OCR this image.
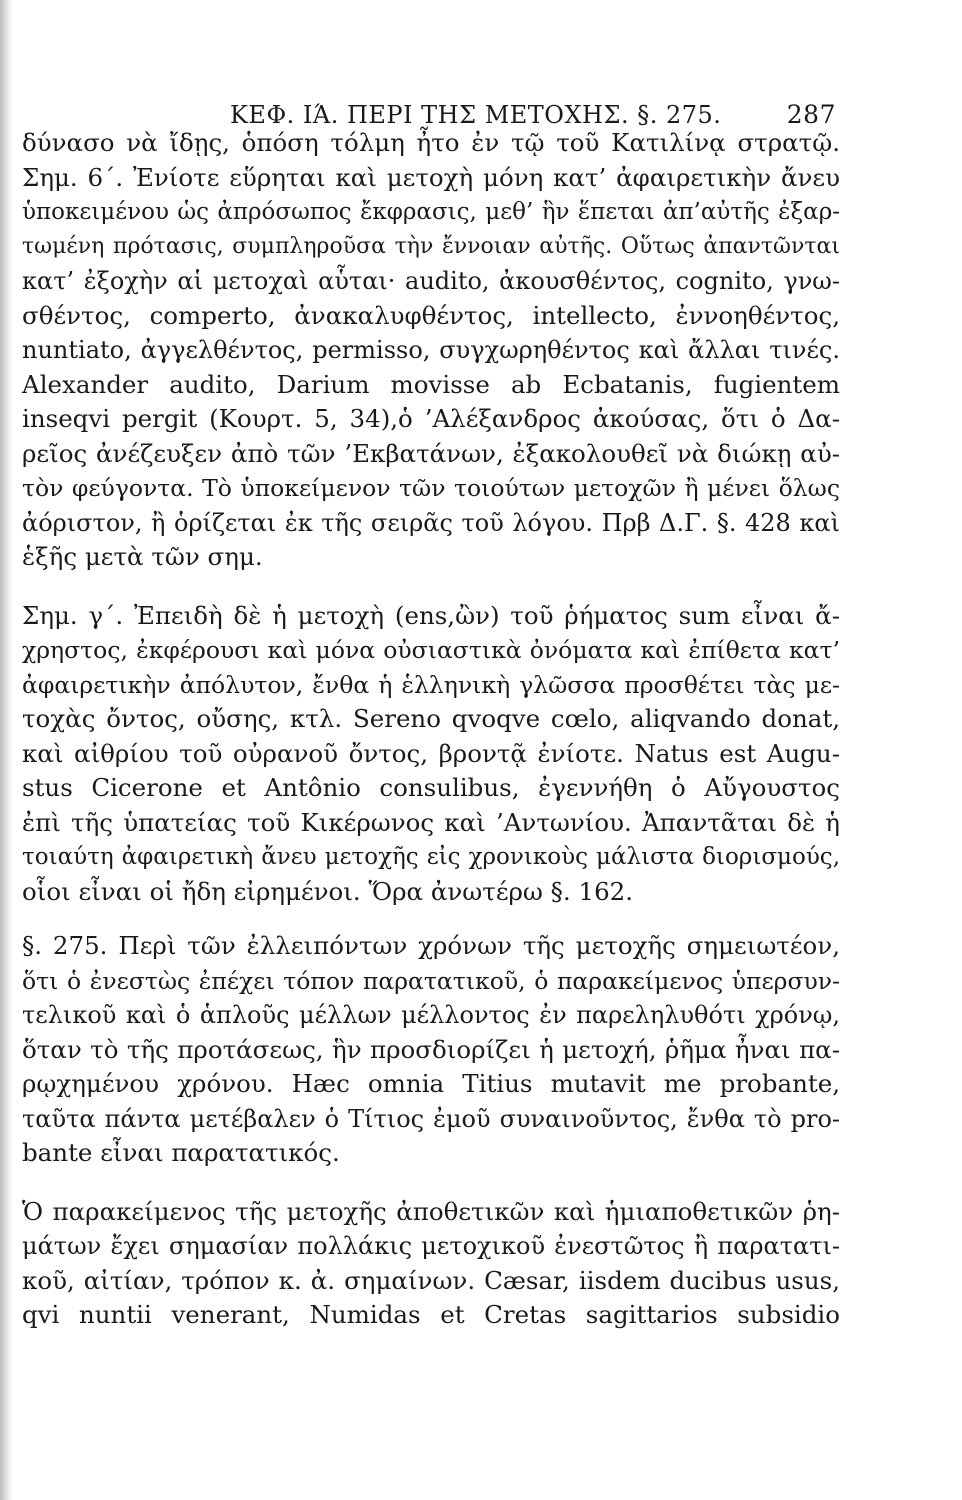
ΚΕΦ. ΙΆ. ΠΕΡΙ ΤΗΣ ΜΕΤΟΧΗΣ. §. 275.	287

δύνασο νὰ ἴδῃς, ὁπόση τόλμη ἦτο ἐν τῷ τοῦ Κατιλίνᾳ στρατῷ.
Σημ. 6΄. Ἐνίοτε εὕρηται καὶ μετοχὴ μόνη κατ’ ἀφαιρετικὴν ἄνευ
ὑποκειμένου ὡς ἀπρόσωπος ἔκφρασις, μεθ’ ἣν ἕπεται ἀπ’αὐτῆς ἐξαρ-
τωμένη πρότασις, συμπληροῦσα τὴν ἔννοιαν αὐτῆς. Οὕτως ἀπαντῶνται
κατ’ ἐξοχὴν αἱ μετοχαὶ αὗται· audito, ἀκουσθέντος, cognito, γνω-
σθέντος, comperto, ἀνακαλυφθέντος, intellecto, ἐννοηθέντος,
nuntiato, ἀγγελθέντος, permisso, συγχωρηθέντος καὶ ἄλλαι τινές.
Alexander audito, Darium movisse ab Ecbatanis, fugientem
inseqvi pergit (Κουρτ. 5, 34),ὁ ’Αλέξανδρος ἀκούσας, ὅτι ὁ Δα-
ρεῖος ἀνέζευξεν ἀπὸ τῶν ’Εκβατάνων, ἐξακολουθεῖ νὰ διώκῃ αὐ-
τὸν φεύγοντα. Τὸ ὑποκείμενον τῶν τοιούτων μετοχῶν ἢ μένει ὅλως
ἀόριστον, ἢ ὁρίζεται ἐκ τῆς σειρᾶς τοῦ λόγου. Πρβ Δ.Γ. §. 428 καὶ
ἑξῆς μετὰ τῶν σημ.

Σημ. γ΄. Ἐπειδὴ δὲ ἡ μετοχὴ (ens,ὢν) τοῦ ῥήματος sum εἶναι ἄ-
χρηστος, ἐκφέρουσι καὶ μόνα οὐσιαστικὰ ὀνόματα καὶ ἐπίθετα κατ’
ἀφαιρετικὴν ἀπόλυτον, ἔνθα ἡ ἑλληνικὴ γλῶσσα προσθέτει τὰς με-
τοχὰς ὄντος, οὔσης, κτλ. Sereno qvoqve cœlo, aliqvando donat,
καὶ αἰθρίου τοῦ οὐρανοῦ ὄντος, βροντᾷ ἐνίοτε. Natus est Augu-
stus Cicerone et Antônio consulibus, ἐγεννήθη ὁ Αὔγουστος
ἐπὶ τῆς ὑπατείας τοῦ Κικέρωνος καὶ ’Αντωνίου. Ἀπαντᾶται δὲ ἡ
τοιαύτη ἀφαιρετικὴ ἄνευ μετοχῆς εἰς χρονικοὺς μάλιστα διορισμούς,
οἷοι εἶναι οἱ ἤδη εἰρημένοι. Ὅρα ἀνωτέρω §. 162.

§. 275. Περὶ τῶν ἐλλειπόντων χρόνων τῆς μετοχῆς σημειωτέον,
ὅτι ὁ ἐνεστὼς ἐπέχει τόπον παρατατικοῦ, ὁ παρακείμενος ὑπερσυν-
τελικοῦ καὶ ὁ ἁπλοῦς μέλλων μέλλοντος ἐν παρεληλυθότι χρόνῳ,
ὅταν τὸ τῆς προτάσεως, ἣν προσδιορίζει ἡ μετοχή, ῥῆμα ἦναι πα-
ρῳχημένου χρόνου. Hæc omnia Titius mutavit me probante,
ταῦτα πάντα μετέβαλεν ὁ Τίτιος ἐμοῦ συναινοῦντος, ἔνθα τὸ pro-
bante εἶναι παρατατικός.

Ὁ παρακείμενος τῆς μετοχῆς ἀποθετικῶν καὶ ἡμιαποθετικῶν ῥη-
μάτων ἔχει σημασίαν πολλάκις μετοχικοῦ ἐνεστῶτος ἢ παρατατι-
κοῦ, αἰτίαν, τρόπον κ. ἀ. σημαίνων. Cæsar, iisdem ducibus usus,
qvi nuntii venerant, Numidas et Cretas sagittarios subsidio
